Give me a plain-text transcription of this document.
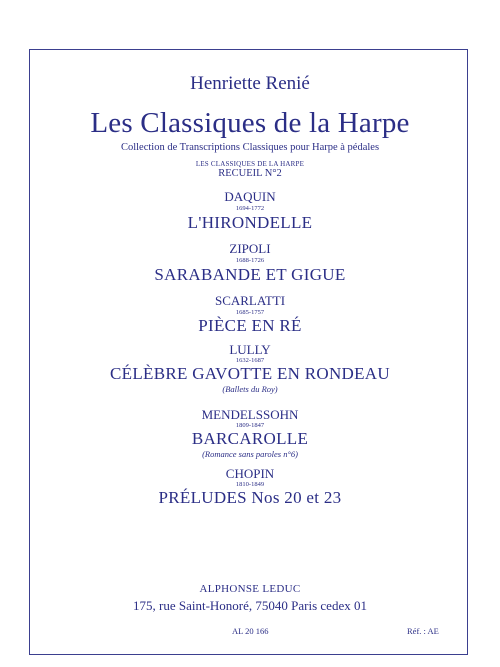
Henriette Renié
Les Classiques de la Harpe
Collection de Transcriptions Classiques pour Harpe à pédales
LES CLASSIQUES DE LA HARPE
RECUEIL N°2
DAQUIN
1694-1772
L'HIRONDELLE
ZIPOLI
1688-1726
SARABANDE ET GIGUE
SCARLATTI
1685-1757
PIÈCE EN RÉ
LULLY
1632-1687
CÉLÈBRE GAVOTTE EN RONDEAU
(Ballets du Roy)
MENDELSSOHN
1809-1847
BARCAROLLE
(Romance sans paroles n°6)
CHOPIN
1810-1849
PRÉLUDES Nos 20 et 23
ALPHONSE LEDUC
175, rue Saint-Honoré, 75040 Paris cedex 01
AL 20 166	Réf. : AE
